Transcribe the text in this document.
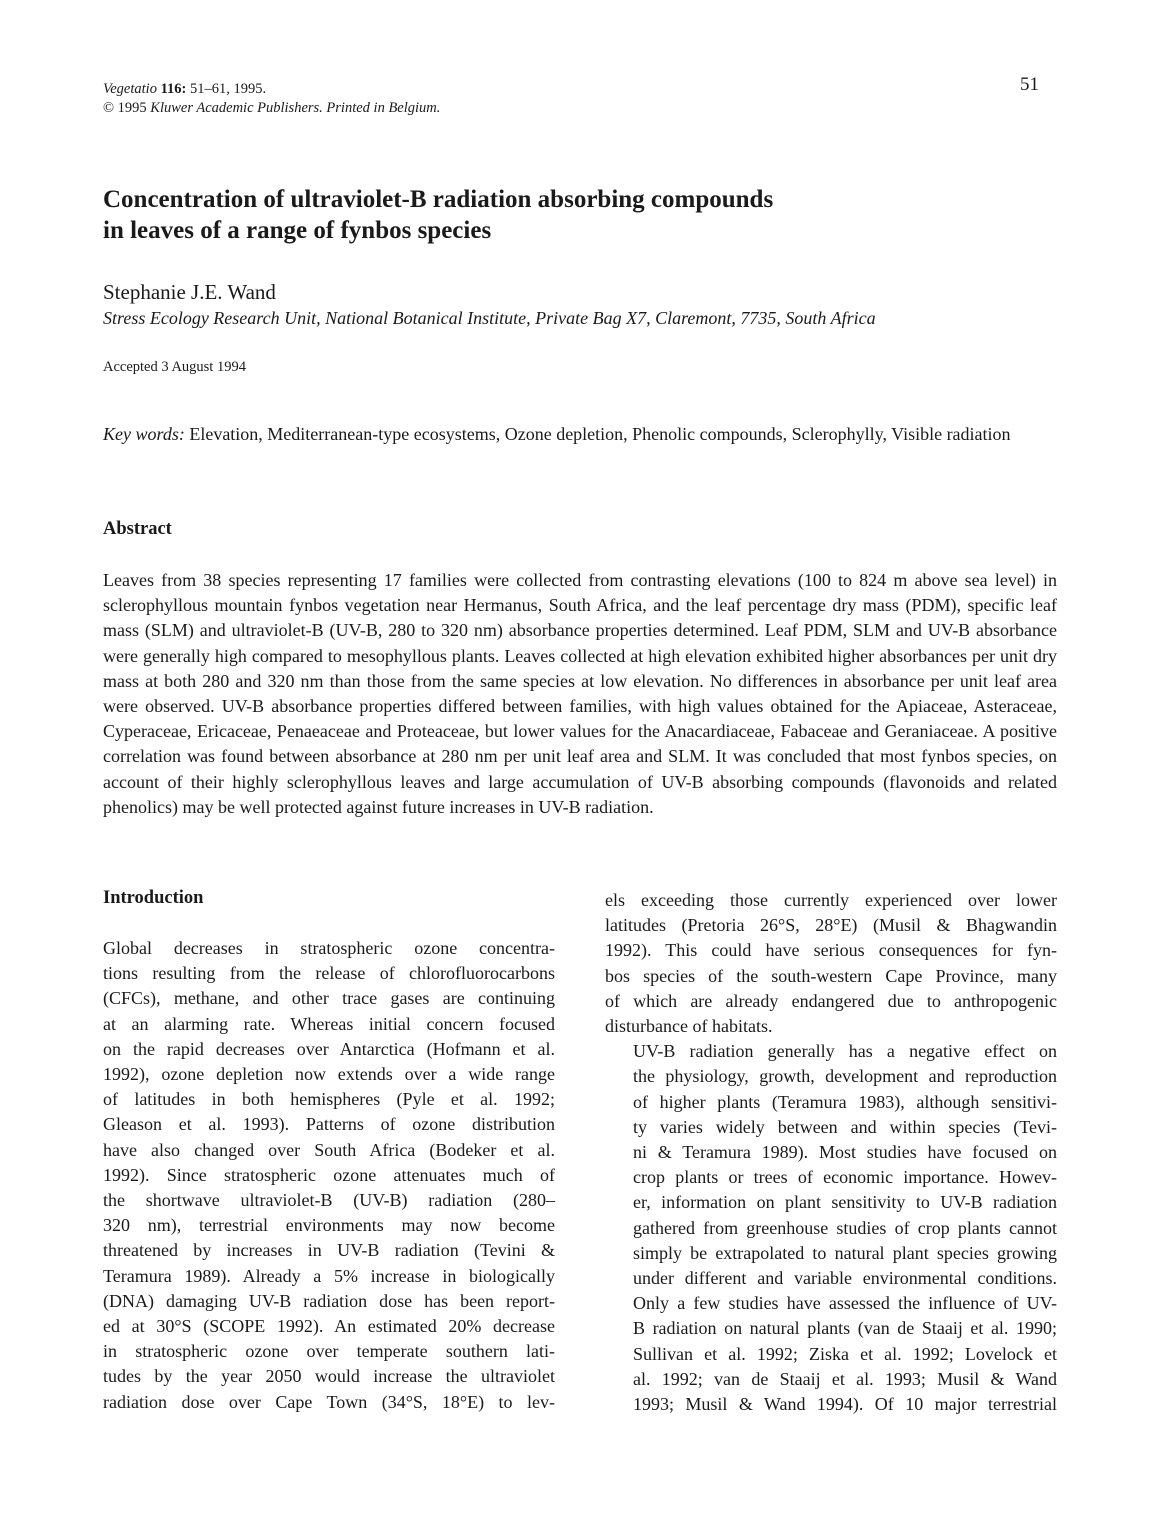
Vegetatio 116: 51–61, 1995.
© 1995 Kluwer Academic Publishers. Printed in Belgium.
51
Concentration of ultraviolet-B radiation absorbing compounds
in leaves of a range of fynbos species
Stephanie J.E. Wand
Stress Ecology Research Unit, National Botanical Institute, Private Bag X7, Claremont, 7735, South Africa
Accepted 3 August 1994
Key words: Elevation, Mediterranean-type ecosystems, Ozone depletion, Phenolic compounds, Sclerophylly, Visible radiation
Abstract
Leaves from 38 species representing 17 families were collected from contrasting elevations (100 to 824 m above sea level) in sclerophyllous mountain fynbos vegetation near Hermanus, South Africa, and the leaf percentage dry mass (PDM), specific leaf mass (SLM) and ultraviolet-B (UV-B, 280 to 320 nm) absorbance properties determined. Leaf PDM, SLM and UV-B absorbance were generally high compared to mesophyllous plants. Leaves collected at high elevation exhibited higher absorbances per unit dry mass at both 280 and 320 nm than those from the same species at low elevation. No differences in absorbance per unit leaf area were observed. UV-B absorbance properties differed between families, with high values obtained for the Apiaceae, Asteraceae, Cyperaceae, Ericaceae, Penaeaceae and Proteaceae, but lower values for the Anacardiaceae, Fabaceae and Geraniaceae. A positive correlation was found between absorbance at 280 nm per unit leaf area and SLM. It was concluded that most fynbos species, on account of their highly sclerophyllous leaves and large accumulation of UV-B absorbing compounds (flavonoids and related phenolics) may be well protected against future increases in UV-B radiation.
Introduction
Global decreases in stratospheric ozone concentra-
tions resulting from the release of chlorofluorocarbons
(CFCs), methane, and other trace gases are continuing
at an alarming rate. Whereas initial concern focused
on the rapid decreases over Antarctica (Hofmann et al.
1992), ozone depletion now extends over a wide range
of latitudes in both hemispheres (Pyle et al. 1992;
Gleason et al. 1993). Patterns of ozone distribution
have also changed over South Africa (Bodeker et al.
1992). Since stratospheric ozone attenuates much of
the shortwave ultraviolet-B (UV-B) radiation (280–
320 nm), terrestrial environments may now become
threatened by increases in UV-B radiation (Tevini &
Teramura 1989). Already a 5% increase in biologically
(DNA) damaging UV-B radiation dose has been report-
ed at 30°S (SCOPE 1992). An estimated 20% decrease
in stratospheric ozone over temperate southern lati-
tudes by the year 2050 would increase the ultraviolet
radiation dose over Cape Town (34°S, 18°E) to lev-

els exceeding those currently experienced over lower
latitudes (Pretoria 26°S, 28°E) (Musil & Bhagwandin
1992). This could have serious consequences for fyn-
bos species of the south-western Cape Province, many
of which are already endangered due to anthropogenic
disturbance of habitats.

UV-B radiation generally has a negative effect on
the physiology, growth, development and reproduction
of higher plants (Teramura 1983), although sensitivi-
ty varies widely between and within species (Tevi-
ni & Teramura 1989). Most studies have focused on
crop plants or trees of economic importance. Howev-
er, information on plant sensitivity to UV-B radiation
gathered from greenhouse studies of crop plants cannot
simply be extrapolated to natural plant species growing
under different and variable environmental conditions.
Only a few studies have assessed the influence of UV-
B radiation on natural plants (van de Staaij et al. 1990;
Sullivan et al. 1992; Ziska et al. 1992; Lovelock et
al. 1992; van de Staaij et al. 1993; Musil & Wand
1993; Musil & Wand 1994). Of 10 major terrestrial
